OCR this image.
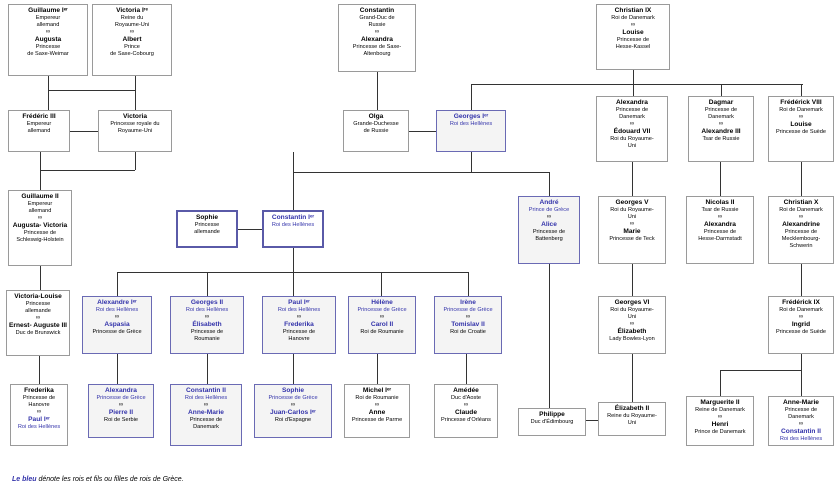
Guillaume Iᵉʳ
Empereur
allemand
∞
Augusta
Princesse
de Saxe-Weimar
Victoria Iʳᵉ
Reine du
Royaume-Uni
∞
Albert
Prince
de Saxe-Cobourg
Constantin
Grand-Duc de
Russie
∞
Alexandra
Princesse de Saxe-
Altenbourg
Christian IX
Roi de Danemark
∞
Louise
Princesse de
Hesse-Kassel
Frédéric III
Empereur
allemand
Victoria
Princesse royale du
Royaume-Uni
Olga
Grande-Duchesse
de Russie
Georges Iᵉʳ
Roi des Hellènes
Alexandra
Princesse de
Danemark
∞
Édouard VII
Roi du Royaume-
Uni
Dagmar
Princesse de
Danemark
∞
Alexandre III
Tsar de Russie
Frédérick VIII
Roi de Danemark
∞
Louise
Princesse de Suède
Guillaume II
Empereur
allemand
∞
Augusta- Victoria
Princesse de
Schleswig-Holstein
Sophie
Princesse
allemande
Constantin Iᵉʳ
Roi des Hellènes
André
Prince de Grèce
∞
Alice
Princesse de
Battenberg
Georges V
Roi du Royaume-
Uni
∞
Marie
Princesse de Teck
Nicolas II
Tsar de Russie
∞
Alexandra
Princesse de
Hesse-Darmstadt
Christian X
Roi de Danemark
∞
Alexandrine
Princesse de
Mecklembourg-
Schwerin
Victoria-Louise
Princesse
allemande
∞
Ernest- Auguste III
Duc de Brunswick
Alexandre Iᵉʳ
Roi des Hellènes
∞
Aspasia
Princesse de Grèce
Georges II
Roi des Hellènes
∞
Élisabeth
Princesse de
Roumanie
Paul Iᵉʳ
Roi des Hellènes
∞
Frederika
Princesse de
Hanovre
Hélène
Princesse de Grèce
∞
Carol II
Roi de Roumanie
Irène
Princesse de Grèce
∞
Tomislav II
Roi de Croatie
Georges VI
Roi du Royaume-
Uni
∞
Élizabeth
Lady Bowles-Lyon
Frédérick IX
Roi de Danemark
∞
Ingrid
Princesse de Suède
Frederika
Princesse de
Hanovre
∞
Paul Iᵉʳ
Roi des Hellènes
Alexandra
Princesse de Grèce
∞
Pierre II
Roi de Serbie
Constantin II
Roi des Hellènes
∞
Anne-Marie
Princesse de
Danemark
Sophie
Princesse de Grèce
∞
Juan-Carlos Iᵉʳ
Roi d'Espagne
Michel Iᵉʳ
Roi de Roumanie
∞
Anne
Princesse de Parme
Amédée
Duc d'Aoste
∞
Claude
Princesse d'Orléans
Philippe
Duc d'Édimbourg
Élizabeth II
Reine du Royaume-
Uni
Marguerite II
Reine de Danemark
∞
Henri
Prince de Danemark
Anne-Marie
Princesse de
Danemark
∞
Constantin II
Roi des Hellènes
Le bleu dénote les rois et fils ou filles de rois de Grèce.
